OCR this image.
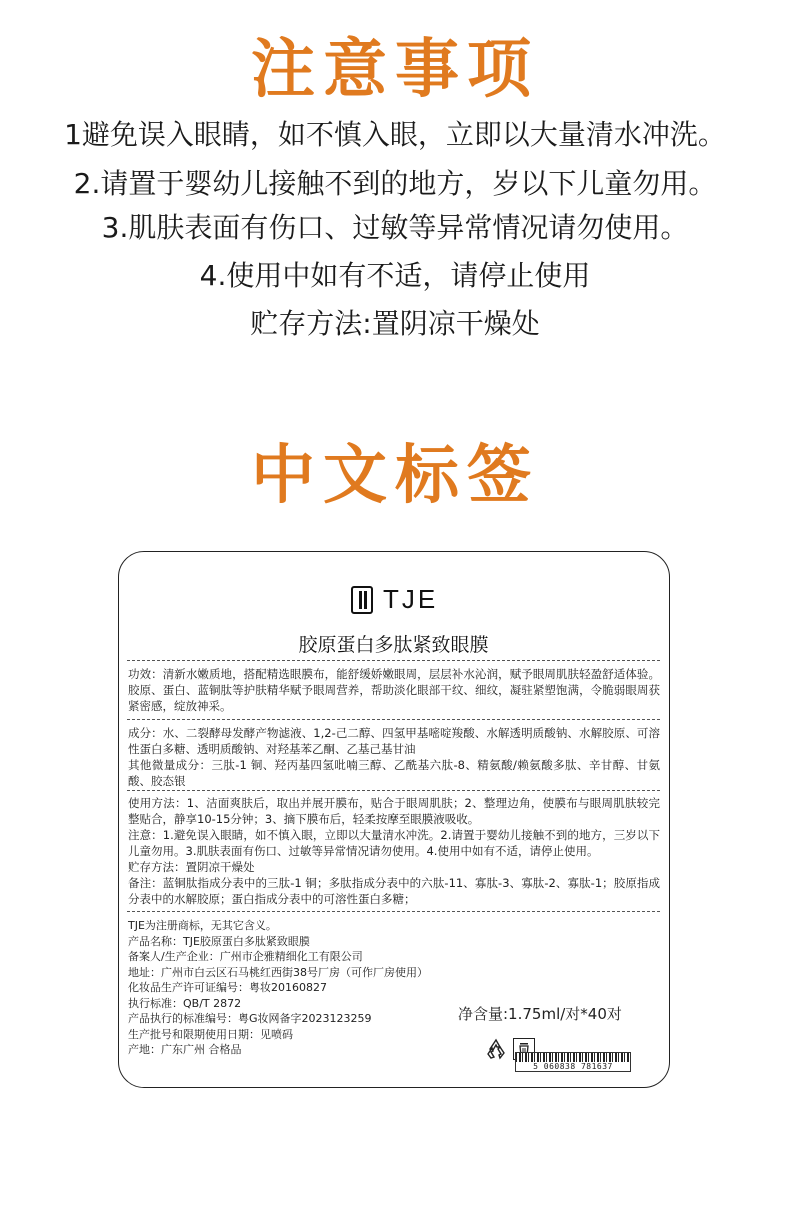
注意事项
1避免误入眼睛，如不慎入眼，立即以大量清水冲洗。
2.请置于婴幼儿接触不到的地方，岁以下儿童勿用。
3.肌肤表面有伤口、过敏等异常情况请勿使用。
4.使用中如有不适，请停止使用
贮存方法:置阴凉干燥处
中文标签
TJE
胶原蛋白多肽紧致眼膜

功效：清新水嫩质地，搭配精选眼膜布，能舒缓娇嫩眼周，层层补水沁润，赋予眼周肌肤轻盈舒适体验。胶原、蛋白、蓝铜肽等护肤精华赋予眼周营养，帮助淡化眼部干纹、细纹，凝驻紧塑饱满，令脆弱眼周获紧密感，绽放神采。

成分：水、二裂酵母发酵产物滤液、1,2-己二醇、四氢甲基嘧啶羧酸、水解透明质酸钠、水解胶原、可溶性蛋白多糖、透明质酸钠、对羟基苯乙酮、乙基己基甘油

其他微量成分：三肽-1 铜、羟丙基四氢吡喃三醇、乙酰基六肽-8、精氨酸/赖氨酸多肽、辛甘醇、甘氨酸、胶态银

使用方法：1、洁面爽肤后，取出并展开膜布，贴合于眼周肌肤；2、整理边角，使膜布与眼周肌肤较完整贴合，静享10-15分钟；3、摘下膜布后，轻柔按摩至眼膜液吸收。

注意：1.避免误入眼睛，如不慎入眼，立即以大量清水冲洗。2.请置于婴幼儿接触不到的地方，三岁以下儿童勿用。3.肌肤表面有伤口、过敏等异常情况请勿使用。4.使用中如有不适，请停止使用。

贮存方法：置阴凉干燥处

备注：蓝铜肽指成分表中的三肽-1 铜；多肽指成分表中的六肽-11、寡肽-3、寡肽-2、寡肽-1；胶原指成分表中的水解胶原；蛋白指成分表中的可溶性蛋白多糖；

TJE为注册商标，无其它含义。

产品名称：TJE胶原蛋白多肽紧致眼膜

备案人/生产企业：广州市企雅精细化工有限公司

地址：广州市白云区石马桃红西街38号厂房（可作厂房使用）

化妆品生产许可证编号：粤妆20160827

执行标准：QB/T 2872

产品执行的标准编号：粤G妆网备字2023123259

生产批号和限期使用日期：见喷码

产地：广东广州 合格品

净含量:1.75ml/对*40对
5 060838 781637
